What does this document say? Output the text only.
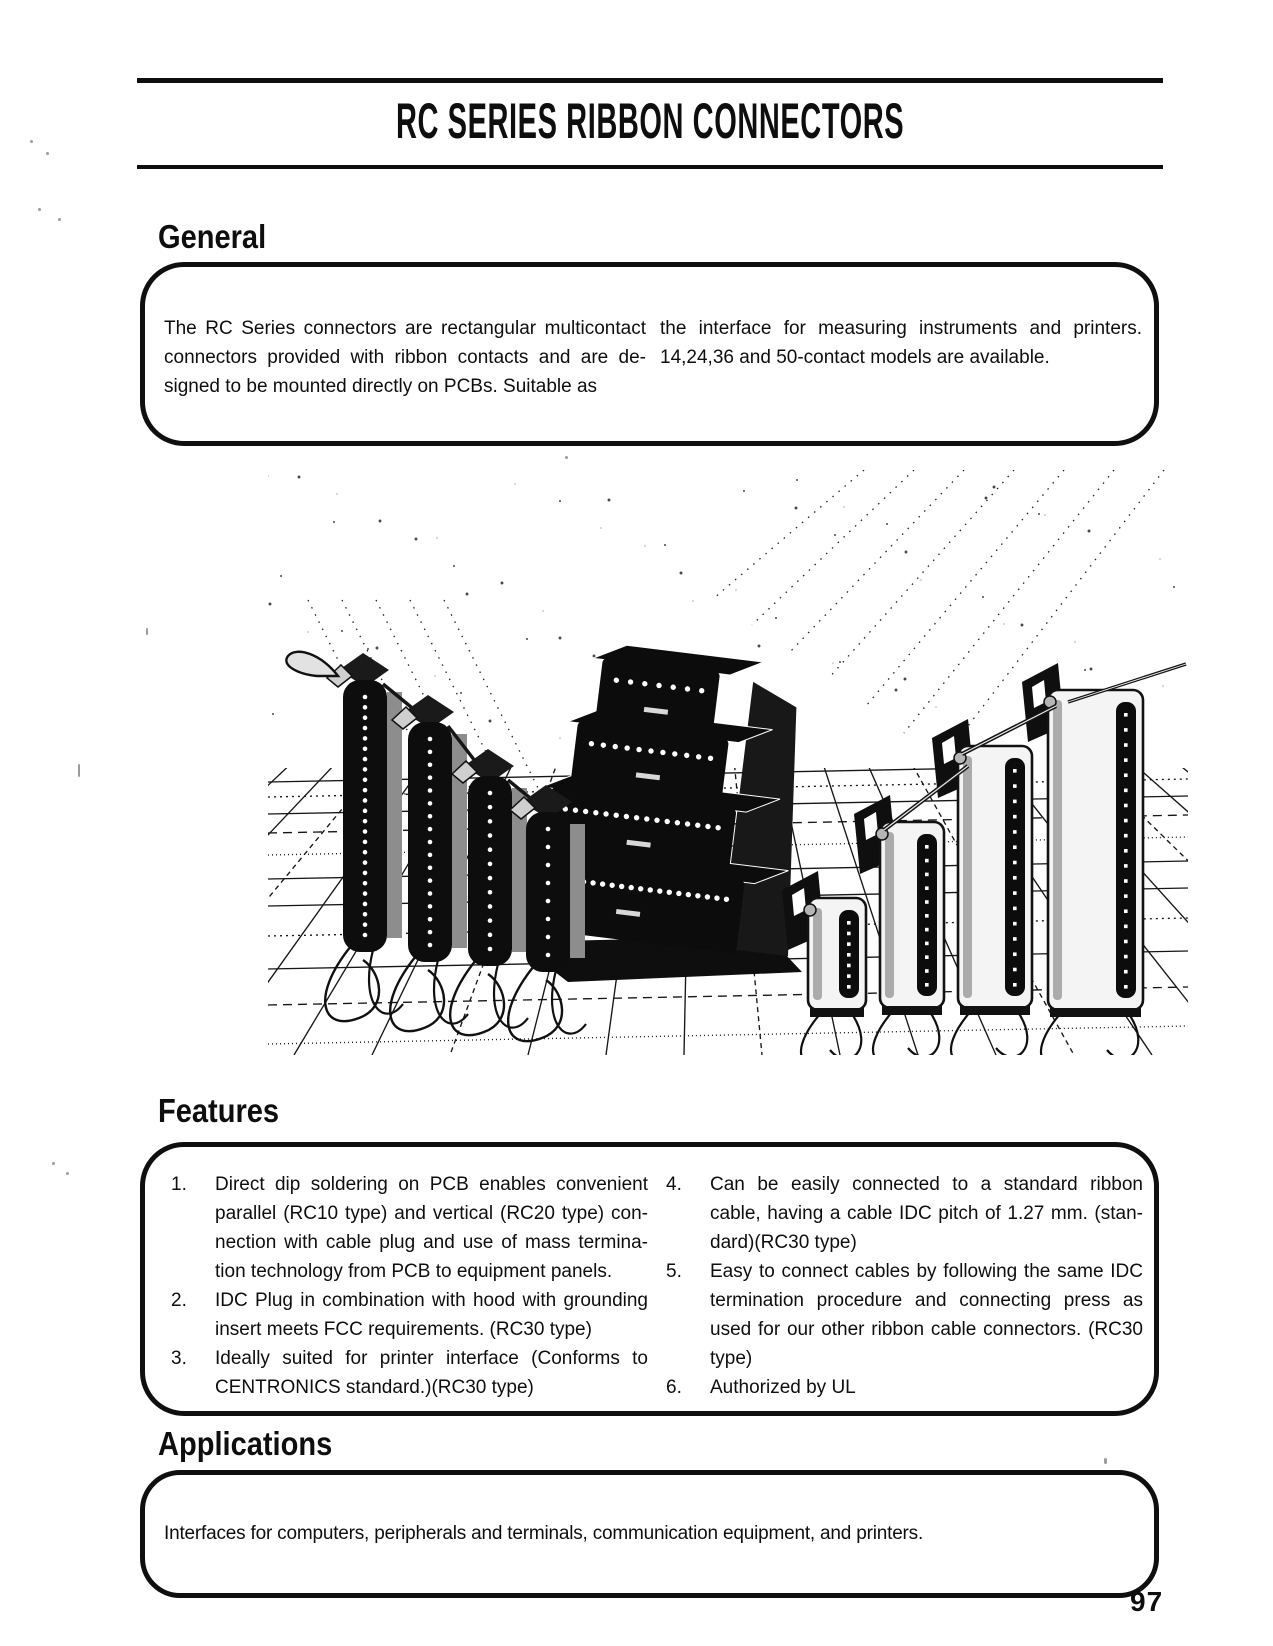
RC SERIES RIBBON CONNECTORS
General
The RC Series connectors are rectangular multicontact
connectors provided with ribbon contacts and are de-
signed to be mounted directly on PCBs. Suitable as
the interface for measuring instruments and printers.
14,24,36 and 50-contact models are available.
Features
1.	Direct dip soldering on PCB enables convenient
parallel (RC10 type) and vertical (RC20 type) con-
nection with cable plug and use of mass termina-
tion technology from PCB to equipment panels.
2.	IDC Plug in combination with hood with grounding
insert meets FCC requirements. (RC30 type)
3.	Ideally suited for printer interface (Conforms to
CENTRONICS standard.)(RC30 type)
4.	Can be easily connected to a standard ribbon
cable, having a cable IDC pitch of 1.27 mm. (stan-
dard)(RC30 type)
5.	Easy to connect cables by following the same IDC
termination procedure and connecting press as
used for our other ribbon cable connectors. (RC30
type)
6.	Authorized by UL
Applications
Interfaces for computers, peripherals and terminals, communication equipment, and printers.
97
